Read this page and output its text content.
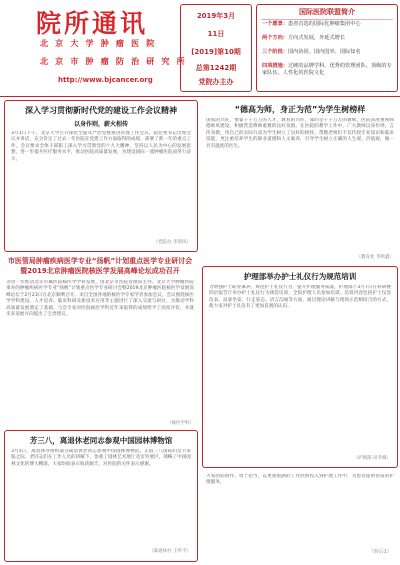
院所通讯
北 京 大 学 肿 瘤 医 院
北 京 市 肿 瘤 防 治 研 究 所
http://www.bjcancer.org
2019年3月
11日
[2019]第10期
总第1242期
党院办主办
国际医院联盟简介
一个愿景：患者首选的国际化肿瘤集团中心
两个方向：方向式发展，外延式增长
三个阶段：国内协同、国内国外、国际知名
四项措施：过硬的品牌学科、优秀的管理团队、顶级的专家队伍、人性化的医院文化
深入学习贯彻新时代党的建设工作会议精神
以身作则，薪火相传
3月1日下午，北京大学召开深化全面从严治党暨推进管理工作会议。院党委书记出席会议并讲话，充分肯定了过去一年医院在党建工作方面取得的成绩，部署了新一年的重点工作。会议要求全体干部职工深入学习贯彻党的十九大精神，坚持以人民为中心的发展思想，进一步提升医疗服务水平，推动医院高质量发展，为建设国际一流肿瘤医院而努力奋斗。
（党院办 李清风）
市医管局肿瘤疾病医学专业“扬帆”计划重点医学专业研讨会暨2019北京肿瘤医院核医学发展高峰论坛成功召开
为进一步推动北京市属医院核医学学科发展，由北京市医院管理局主办、北京大学肿瘤医院承办的肿瘤疾病医学专业“扬帆”计划重点医学专业研讨会暨2019北京肿瘤医院核医学发展高峰论坛于2月23日在北京顺利召开。来自全国各地的核医学专家学者参加会议。会议围绕核医学学科建设、人才培养、临床科研及新技术应用等主题进行了深入交流与研讨，为推动学科高质量发展奠定了基础。与会专家对医院核医学科近年来取得的成绩给予了高度评价，并就未来发展方向提出了宝贵建议。
（核医学科）
芳三八，离退休老同志参观中国园林博物馆
3月5日，离退休办组织部分离退休老同志参观中国园林博物馆。正值三八国际妇女节来临之际，老同志们在工作人员的讲解下，参观了园林艺术展厅及室外展区，领略了中国园林文化的博大精深，大家纷纷表示收获颇丰，对医院的关怀表示感谢。
（离退休办 王怀平）
“德高为师，身正为范”为学生树榜样
国家的兴旺，要靠千千万万的人才，教育的兴旺，靠的是千千万万的教师。医院高度重视师德师风建设，积极营造尊师重教的良好氛围。在医院的教学工作中，广大教师以身作则，言传身教，用自己的实际行动为学生树立了良好的榜样。带教老师们不仅传授专业知识和临床技能，更注重培养学生的职业道德和人文素养，引导学生树立正确的人生观、价值观，做一名有温度的医生。
（教育处 李鸣鑫）
护理部举办护士礼仪行为规范培训
为增强护士职业素养，规范护士礼仪行为，提升护理服务质量，护理部于3月7日在科研楼四层报告厅举办护士礼仪行为规范培训，全院护理人员参加培训。培训内容包括护士仪容仪表、站姿坐姿、行走姿态、语言沟通等方面，通过理论讲解与现场示范相结合的方式，使大家对护士礼仪有了更加直观的认识。
（护理部 田冬梅）
大家团结协作，勇于担当，以更加饱满的工作热情投入到护理工作中，为患者提供优质的护理服务。
（转后1）
